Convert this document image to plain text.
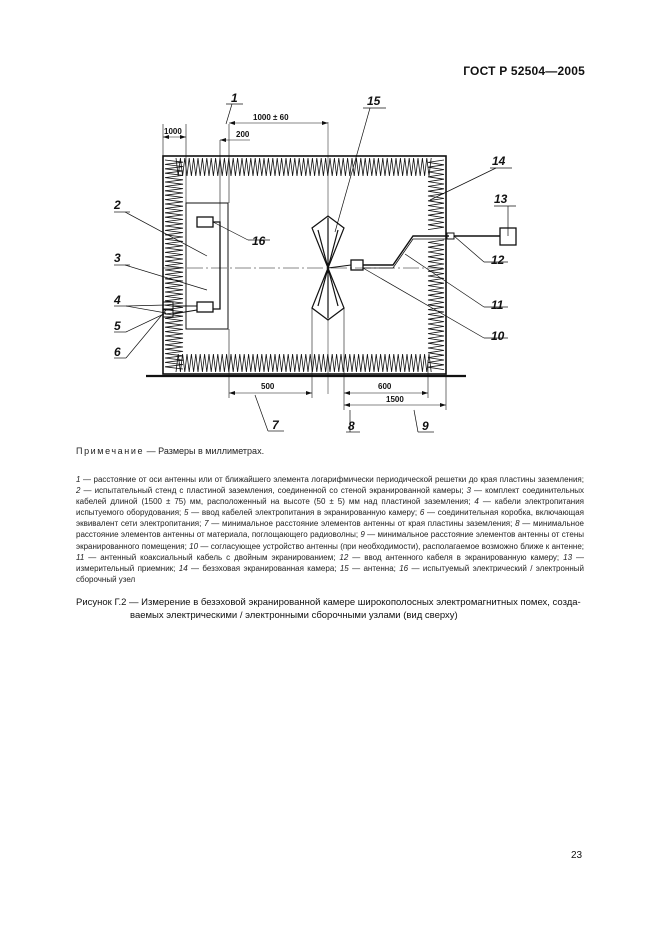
ГОСТ Р 52504—2005
1000	200
1000 ± 60
500	600
1500
1	15
2
16
3
4
5
6
14
13
12
11
10
7	8	9
Примечание — Размеры в миллиметрах.
1 — расстояние от оси антенны или от ближайшего элемента логарифмически периодической решетки до края пластины заземления; 2 — испытательный стенд с пластиной заземления, соединенной со стеной экранированной камеры; 3 — комплект соединительных кабелей длиной (1500 ± 75) мм, расположенный на высоте (50 ± 5) мм над пластиной заземления; 4 — кабели электропитания испытуемого оборудования; 5 — ввод кабелей электропитания в экранированную камеру; 6 — соединительная коробка, включающая эквивалент сети электропитания; 7 — минимальное расстояние элементов антенны от края пластины заземления; 8 — минимальное расстояние элементов антенны от материала, поглощающего радиоволны; 9 — минимальное расстояние элементов антенны от стены экранированного помещения; 10 — согласующее устройство антенны (при необходимости), располагаемое возможно ближе к антенне; 11 — антенный коаксиальный кабель с двойным экранированием; 12 — ввод антенного кабеля в экранированную камеру; 13 — измерительный приемник; 14 — безэховая экранированная камера; 15 — антенна; 16 — испытуемый электрический / электронный сборочный узел
Рисунок Г.2 — Измерение в безэховой экранированной камере широкополосных электромагнитных помех, созда-
ваемых электрическими / электронными сборочными узлами (вид сверху)
23
